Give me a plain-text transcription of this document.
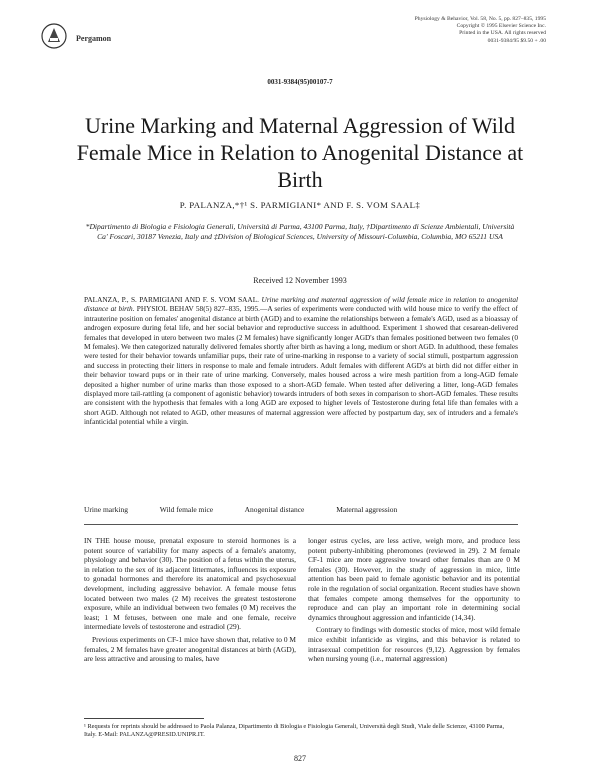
Pergamon
Physiology & Behavior, Vol. 58, No. 5, pp. 827–835, 1995
Copyright © 1995 Elsevier Science Inc.
Printed in the USA. All rights reserved
0031-9384/95 $9.50 + .00
0031-9384(95)00107-7
Urine Marking and Maternal Aggression of Wild Female Mice in Relation to Anogenital Distance at Birth
P. PALANZA,*†¹ S. PARMIGIANI* AND F. S. VOM SAAL‡
*Dipartimento di Biologia e Fisiologia Generali, Università di Parma, 43100 Parma, Italy, †Dipartimento di Scienze Ambientali, Università Ca' Foscari, 30187 Venezia, Italy and ‡Division of Biological Sciences, University of Missouri-Columbia, Columbia, MO 65211 USA
Received 12 November 1993
PALANZA, P., S. PARMIGIANI AND F. S. VOM SAAL. Urine marking and maternal aggression of wild female mice in relation to anogenital distance at birth. PHYSIOL BEHAV 58(5) 827–835, 1995.—A series of experiments were conducted with wild house mice to verify the effect of intrauterine position on females' anogenital distance at birth (AGD) and to examine the relationships between a female's AGD, used as a bioassay of androgen exposure during fetal life, and her social behavior and reproductive success in adulthood. Experiment 1 showed that cesarean-delivered females that developed in utero between two males (2 M females) have significantly longer AGD's than females positioned between two females (0 M females). We then categorized naturally delivered females shortly after birth as having a long, medium or short AGD. In adulthood, these females were tested for their behavior towards unfamiliar pups, their rate of urine-marking in response to a variety of social stimuli, postpartum aggression and success in protecting their litters in response to male and female intruders. Adult females with different AGD's at birth did not differ either in their behavior toward pups or in their rate of urine marking. Conversely, males housed across a wire mesh partition from a long-AGD female deposited a higher number of urine marks than those exposed to a short-AGD female. When tested after delivering a litter, long-AGD females displayed more tail-rattling (a component of agonistic behavior) towards intruders of both sexes in comparison to short-AGD females. These results are consistent with the hypothesis that females with a long AGD are exposed to higher levels of Testosterone during fetal life than females with a short AGD. Although not related to AGD, other measures of maternal aggression were affected by postpartum day, sex of intruders and a female's infanticidal potential while a virgin.
Urine marking	Wild female mice	Anogenital distance	Maternal aggression

IN THE house mouse, prenatal exposure to steroid hormones is a potent source of variability for many aspects of a female's anatomy, physiology and behavior (30). The position of a fetus within the uterus, in relation to the sex of its adjacent littermates, influences its exposure to gonadal hormones and therefore its anatomical and psychosexual development, including aggressive behavior. A female mouse fetus located between two males (2 M) receives the greatest testosterone exposure, while an individual between two females (0 M) receives the least; 1 M fetuses, between one male and one female, receive intermediate levels of testosterone and estradiol (29).

Previous experiments on CF-1 mice have shown that, relative to 0 M females, 2 M females have greater anogenital distances at birth (AGD), are less attractive and arousing to males, have

longer estrus cycles, are less active, weigh more, and produce less potent puberty-inhibiting pheromones (reviewed in 29). 2 M female CF-1 mice are more aggressive toward other females than are 0 M females (30). However, in the study of aggression in mice, little attention has been paid to female agonistic behavior and its potential role in the regulation of social organization. Recent studies have shown that females compete among themselves for the opportunity to reproduce and can play an important role in determining social dynamics throughout aggression and infanticide (14,34).

Contrary to findings with domestic stocks of mice, most wild female mice exhibit infanticide as virgins, and this behavior is related to intrasexual competition for resources (9,12). Aggression by females when nursing young (i.e., maternal aggression)

¹ Requests for reprints should be addressed to Paola Palanza, Dipartimento di Biologia e Fisiologia Generali, Università degli Studi, Viale delle Scienze, 43100 Parma, Italy. E-Mail: PALANZA@PRESID.UNIPR.IT.
827
